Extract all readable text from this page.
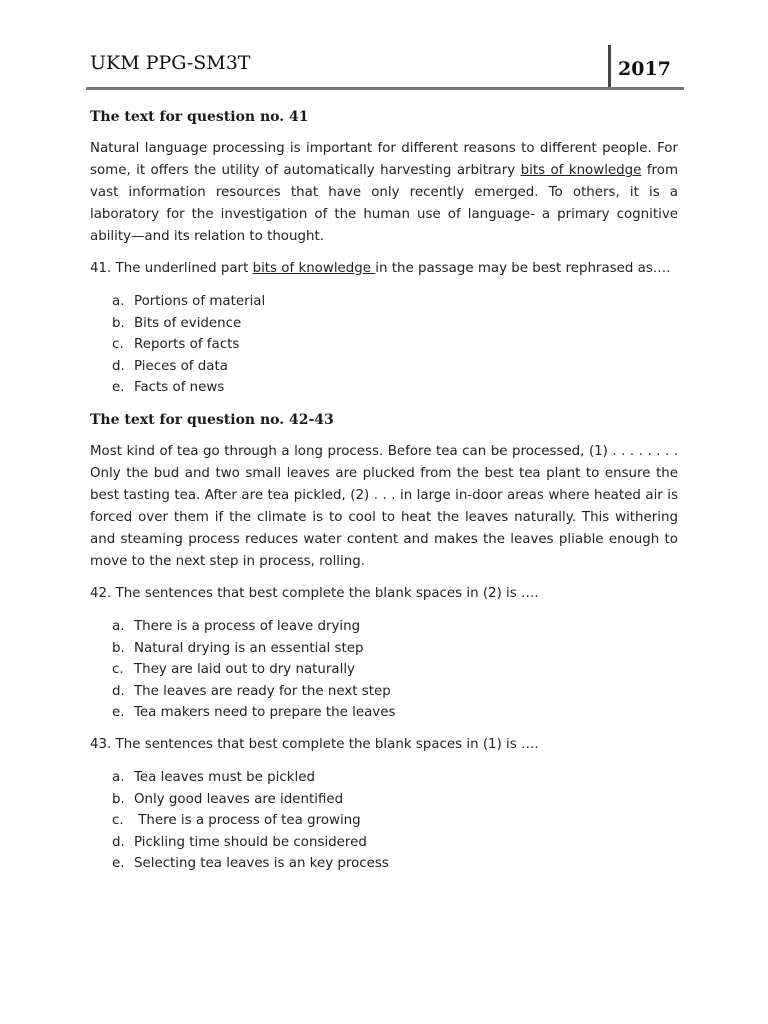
UKM PPG-SM3T	2017
The text for question no. 41

Natural language processing is important for different reasons to different people. For some, it offers the utility of automatically harvesting arbitrary bits of knowledge from vast information resources that have only recently emerged. To others, it is a laboratory for the investigation of the human use of language- a primary cognitive ability—and its relation to thought.

41. The underlined part bits of knowledge in the passage may be best rephrased as….

a. Portions of material
b. Bits of evidence
c. Reports of facts
d. Pieces of data
e. Facts of news
The text for question no. 42-43

Most kind of tea go through a long process. Before tea can be processed, (1) . . . . . . . . Only the bud and two small leaves are plucked from the best tea plant to ensure the best tasting tea. After are tea pickled, (2) . . . in large in-door areas where heated air is forced over them if the climate is to cool to heat the leaves naturally. This withering and steaming process reduces water content and makes the leaves pliable enough to move to the next step in process, rolling.

42. The sentences that best complete the blank spaces in (2) is ….

a. There is a process of leave drying
b. Natural drying is an essential step
c. They are laid out to dry naturally
d. The leaves are ready for the next step
e. Tea makers need to prepare the leaves

43. The sentences that best complete the blank spaces in (1) is ….

a. Tea leaves must be pickled
b. Only good leaves are identified
c. There is a process of tea growing
d. Pickling time should be considered
e. Selecting tea leaves is an key process
